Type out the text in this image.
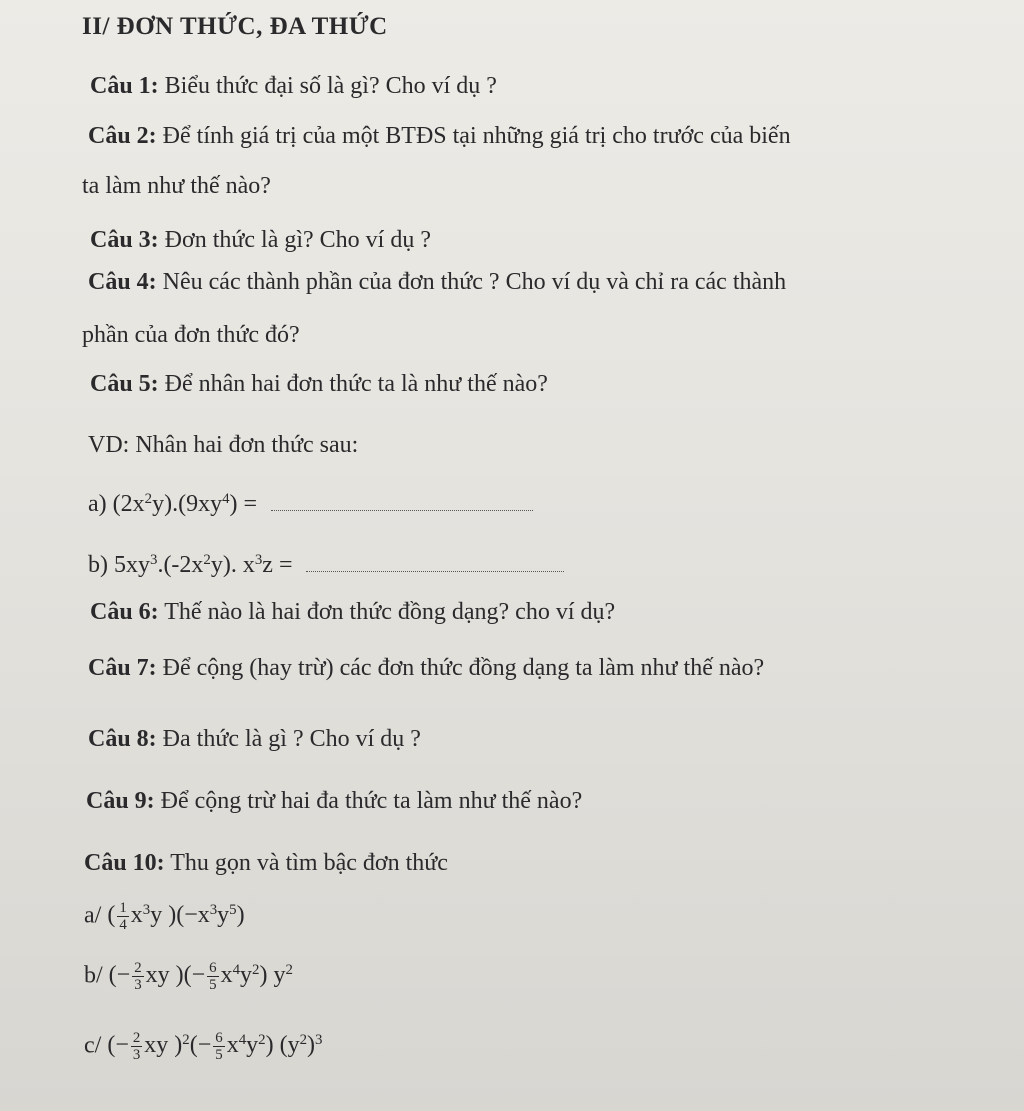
II/ ĐƠN THỨC, ĐA THỨC
Câu 1: Biểu thức đại số là gì? Cho ví dụ ?
Câu 2: Để tính giá trị của một BTĐS tại những giá trị cho trước của biến
ta làm như thế nào?
Câu 3: Đơn thức là gì? Cho ví dụ ?
Câu 4: Nêu các thành phần của đơn thức ? Cho ví dụ và chỉ ra các thành
phần của đơn thức đó?
Câu 5: Để nhân hai đơn thức ta là như thế nào?
VD: Nhân hai đơn thức sau:
a) $(2x^2y).(9xy^4)$ =
b) $5xy^3.(-2x^2y)$. $x^3z$ =
Câu 6: Thế nào là hai đơn thức đồng dạng? cho ví dụ?
Câu 7: Để cộng (hay trừ) các đơn thức đồng dạng ta làm như thế nào?
Câu 8: Đa thức là gì ? Cho ví dụ ?
Câu 9: Để cộng trừ hai đa thức ta làm như thế nào?
Câu 10: Thu gọn và tìm bậc đơn thức
a/ ( $\frac{1}{4} x^3y$ )$(-x^3y^5)$
b/ (− $\frac{2}{3}$ xy )(− $\frac{6}{5} x^4y^2$) $y^2$
c/ (− $\frac{2}{3}$ xy )$^2(- \frac{6}{5} x^4y^2)$ $(y^2)^3$
